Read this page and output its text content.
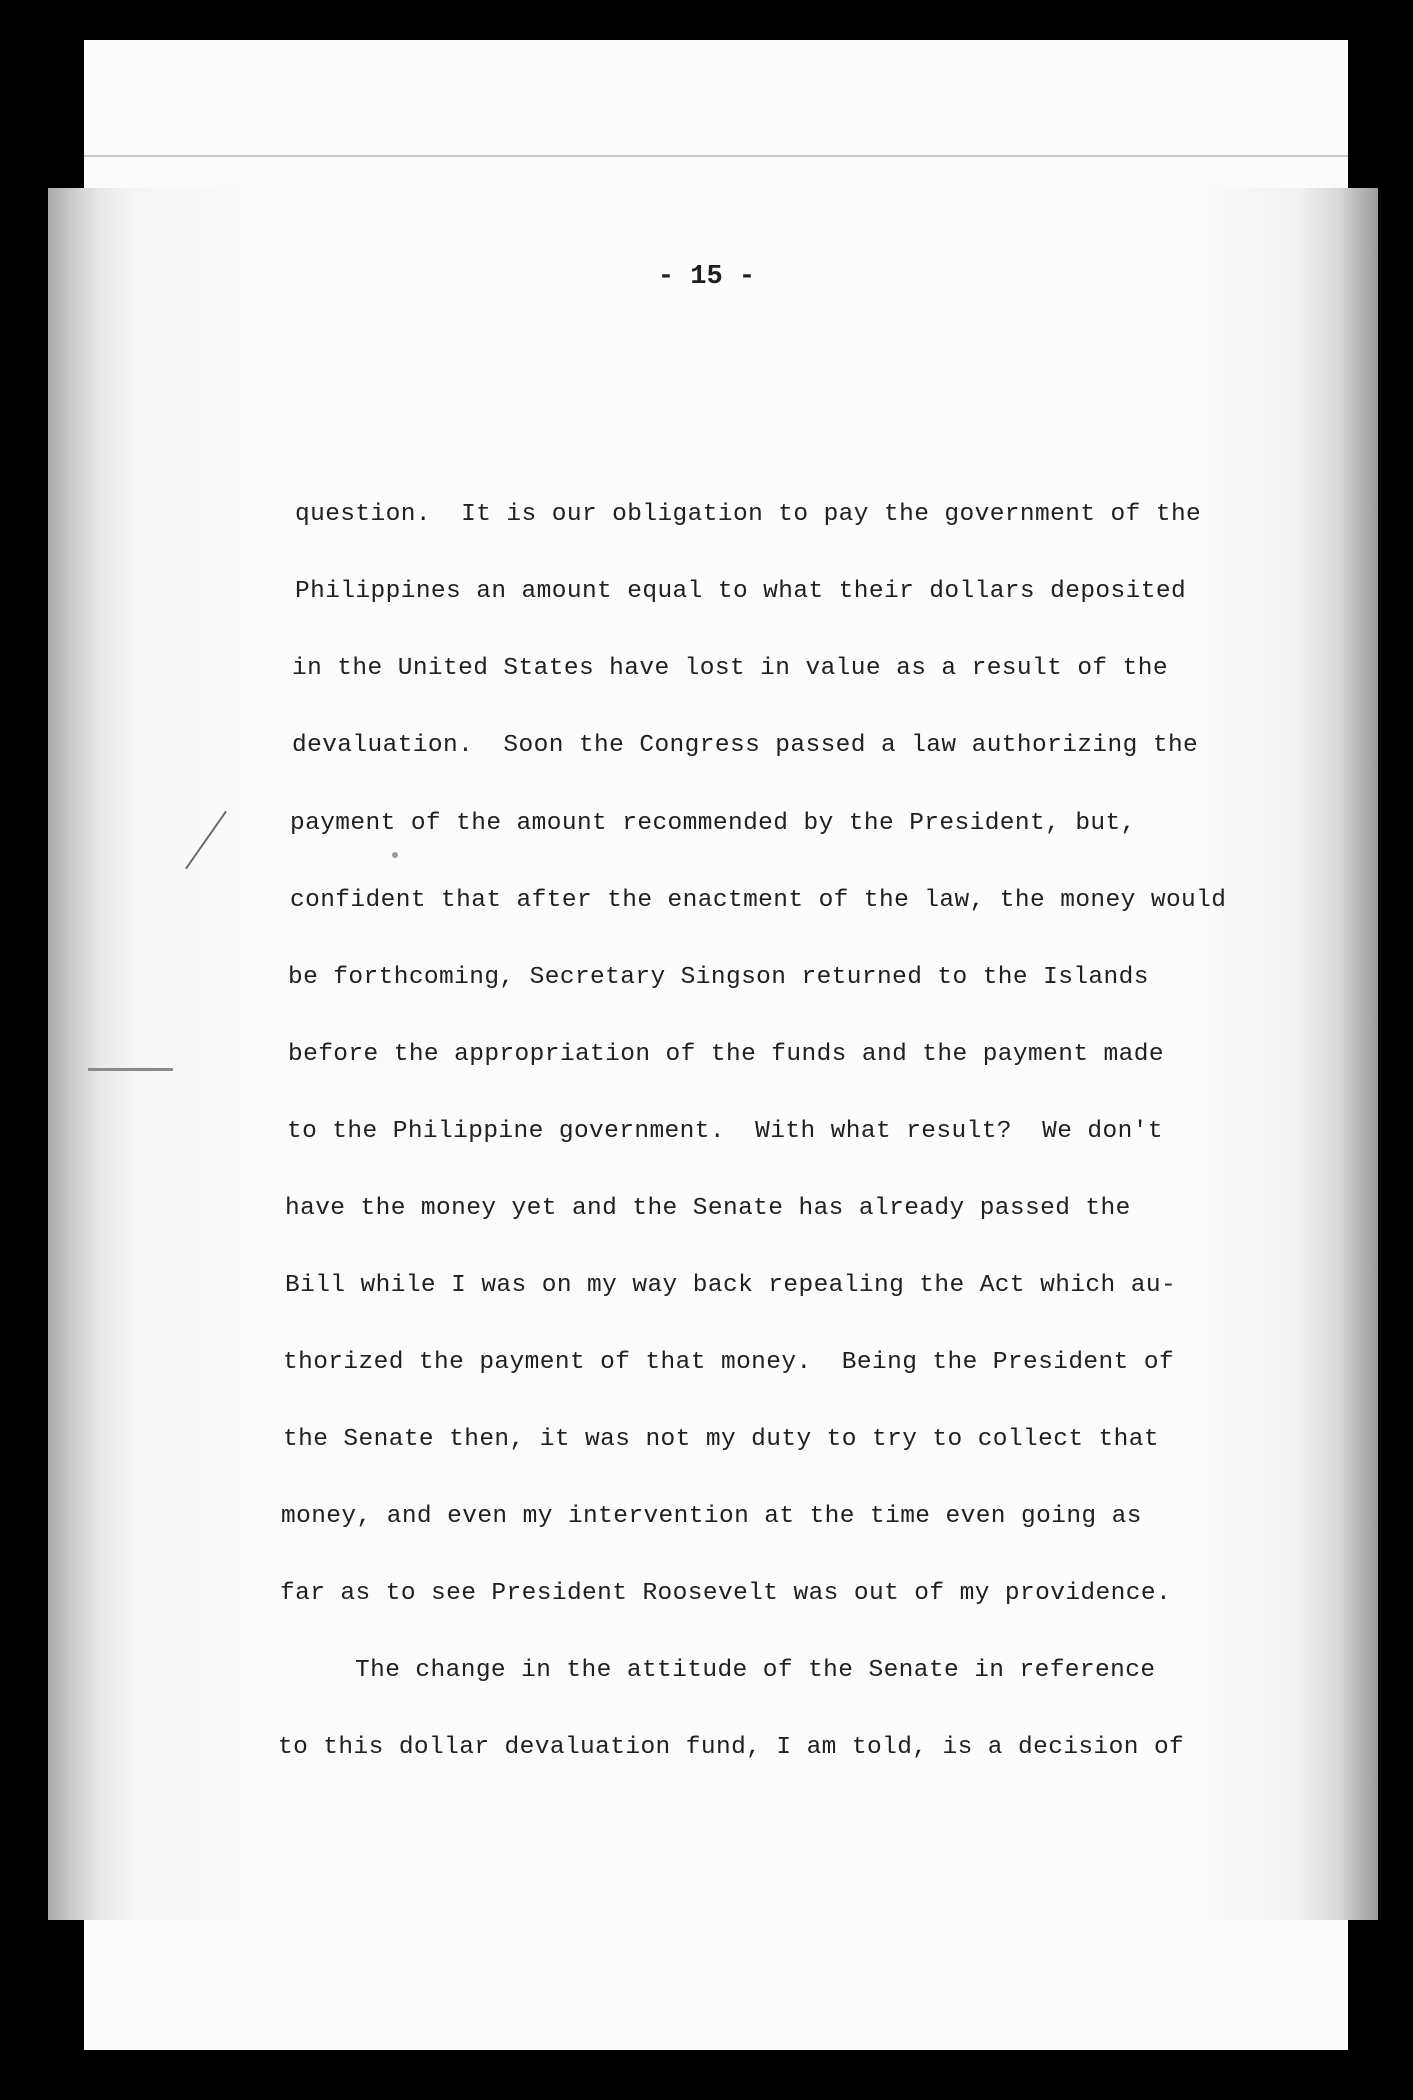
- 15 -

question.  It is our obligation to pay the government of the

Philippines an amount equal to what their dollars deposited

in the United States have lost in value as a result of the

devaluation.  Soon the Congress passed a law authorizing the

payment of the amount recommended by the President, but,

confident that after the enactment of the law, the money would

be forthcoming, Secretary Singson returned to the Islands

before the appropriation of the funds and the payment made

to the Philippine government.  With what result?  We don't

have the money yet and the Senate has already passed the

Bill while I was on my way back repealing the Act which au-

thorized the payment of that money.  Being the President of

the Senate then, it was not my duty to try to collect that

money, and even my intervention at the time even going as

far as to see President Roosevelt was out of my providence.

The change in the attitude of the Senate in reference

to this dollar devaluation fund, I am told, is a decision of
